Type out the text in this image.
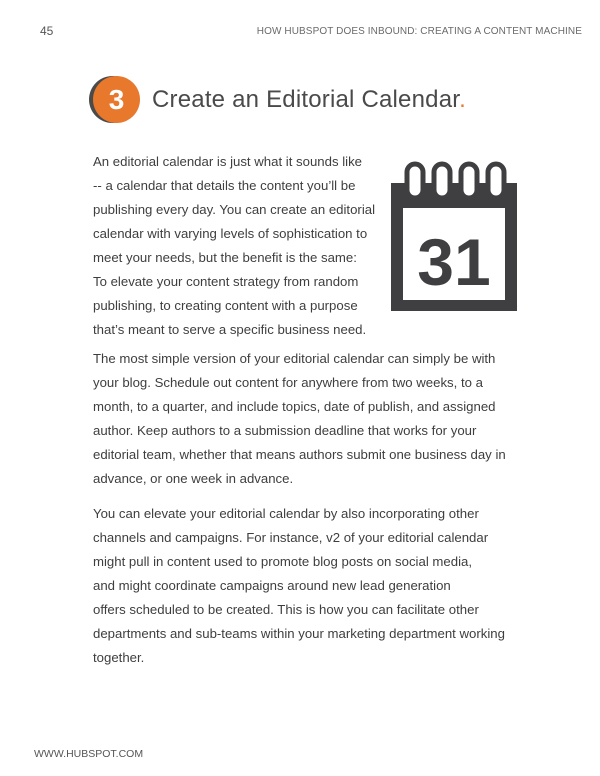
45	HOW HUBSPOT DOES INBOUND: CREATING A CONTENT MACHINE
3	Create an Editorial Calendar.
31

An editorial calendar is just what it sounds like
-- a calendar that details the content you’ll be
publishing every day. You can create an editorial
calendar with varying levels of sophistication to
meet your needs, but the benefit is the same:
To elevate your content strategy from random
publishing, to creating content with a purpose
that’s meant to serve a specific business need.

The most simple version of your editorial calendar can simply be with
your blog. Schedule out content for anywhere from two weeks, to a
month, to a quarter, and include topics, date of publish, and assigned
author. Keep authors to a submission deadline that works for your
editorial team, whether that means authors submit one business day in
advance, or one week in advance.

You can elevate your editorial calendar by also incorporating other
channels and campaigns. For instance, v2 of your editorial calendar
might pull in content used to promote blog posts on social media,
and might coordinate campaigns around new lead generation
offers scheduled to be created. This is how you can facilitate other
departments and sub-teams within your marketing department working
together.

WWW.HUBSPOT.COM
